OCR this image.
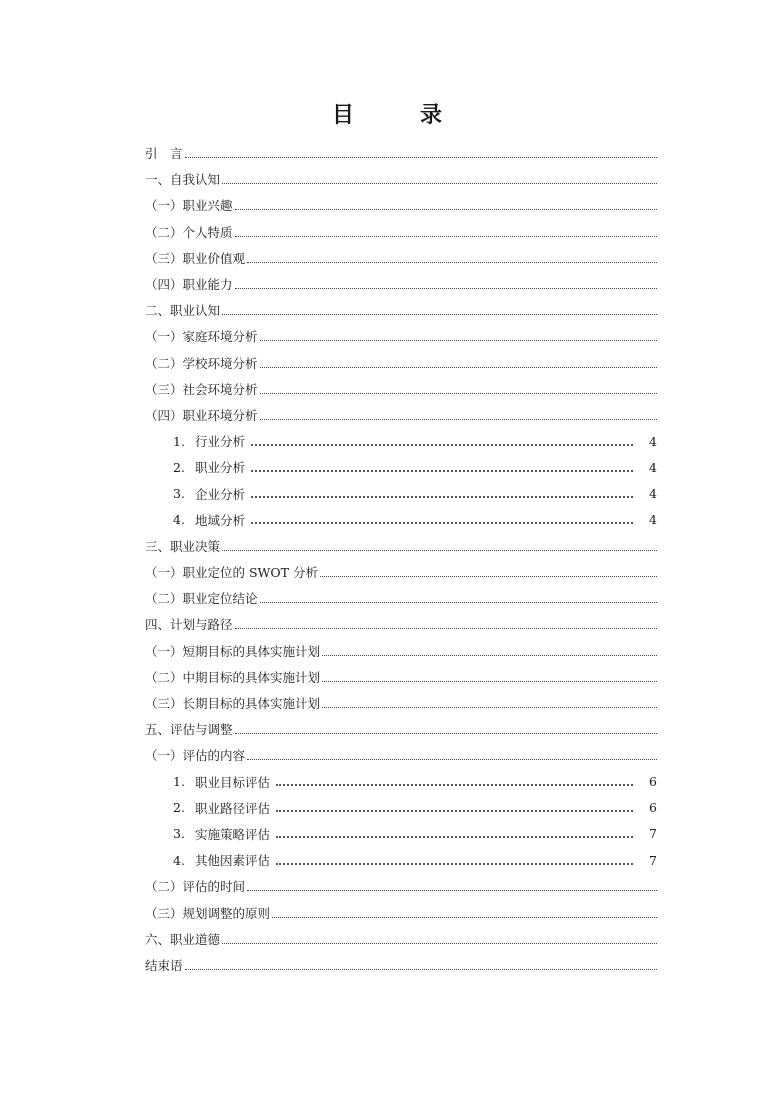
目　录
引　言
一、自我认知
（一）职业兴趣
（二）个人特质
（三）职业价值观
（四）职业能力
二、职业认知
（一）家庭环境分析
（二）学校环境分析
（三）社会环境分析
（四）职业环境分析
1. 行业分析	4
2. 职业分析	4
3. 企业分析	4
4. 地域分析	4
三、职业决策
（一）职业定位的 SWOT 分析
（二）职业定位结论
四、计划与路径
（一）短期目标的具体实施计划
（二）中期目标的具体实施计划
（三）长期目标的具体实施计划
五、评估与调整
（一）评估的内容
1. 职业目标评估	6
2. 职业路径评估	6
3. 实施策略评估	7
4. 其他因素评估	7
（二）评估的时间
（三）规划调整的原则
六、职业道德
结束语
